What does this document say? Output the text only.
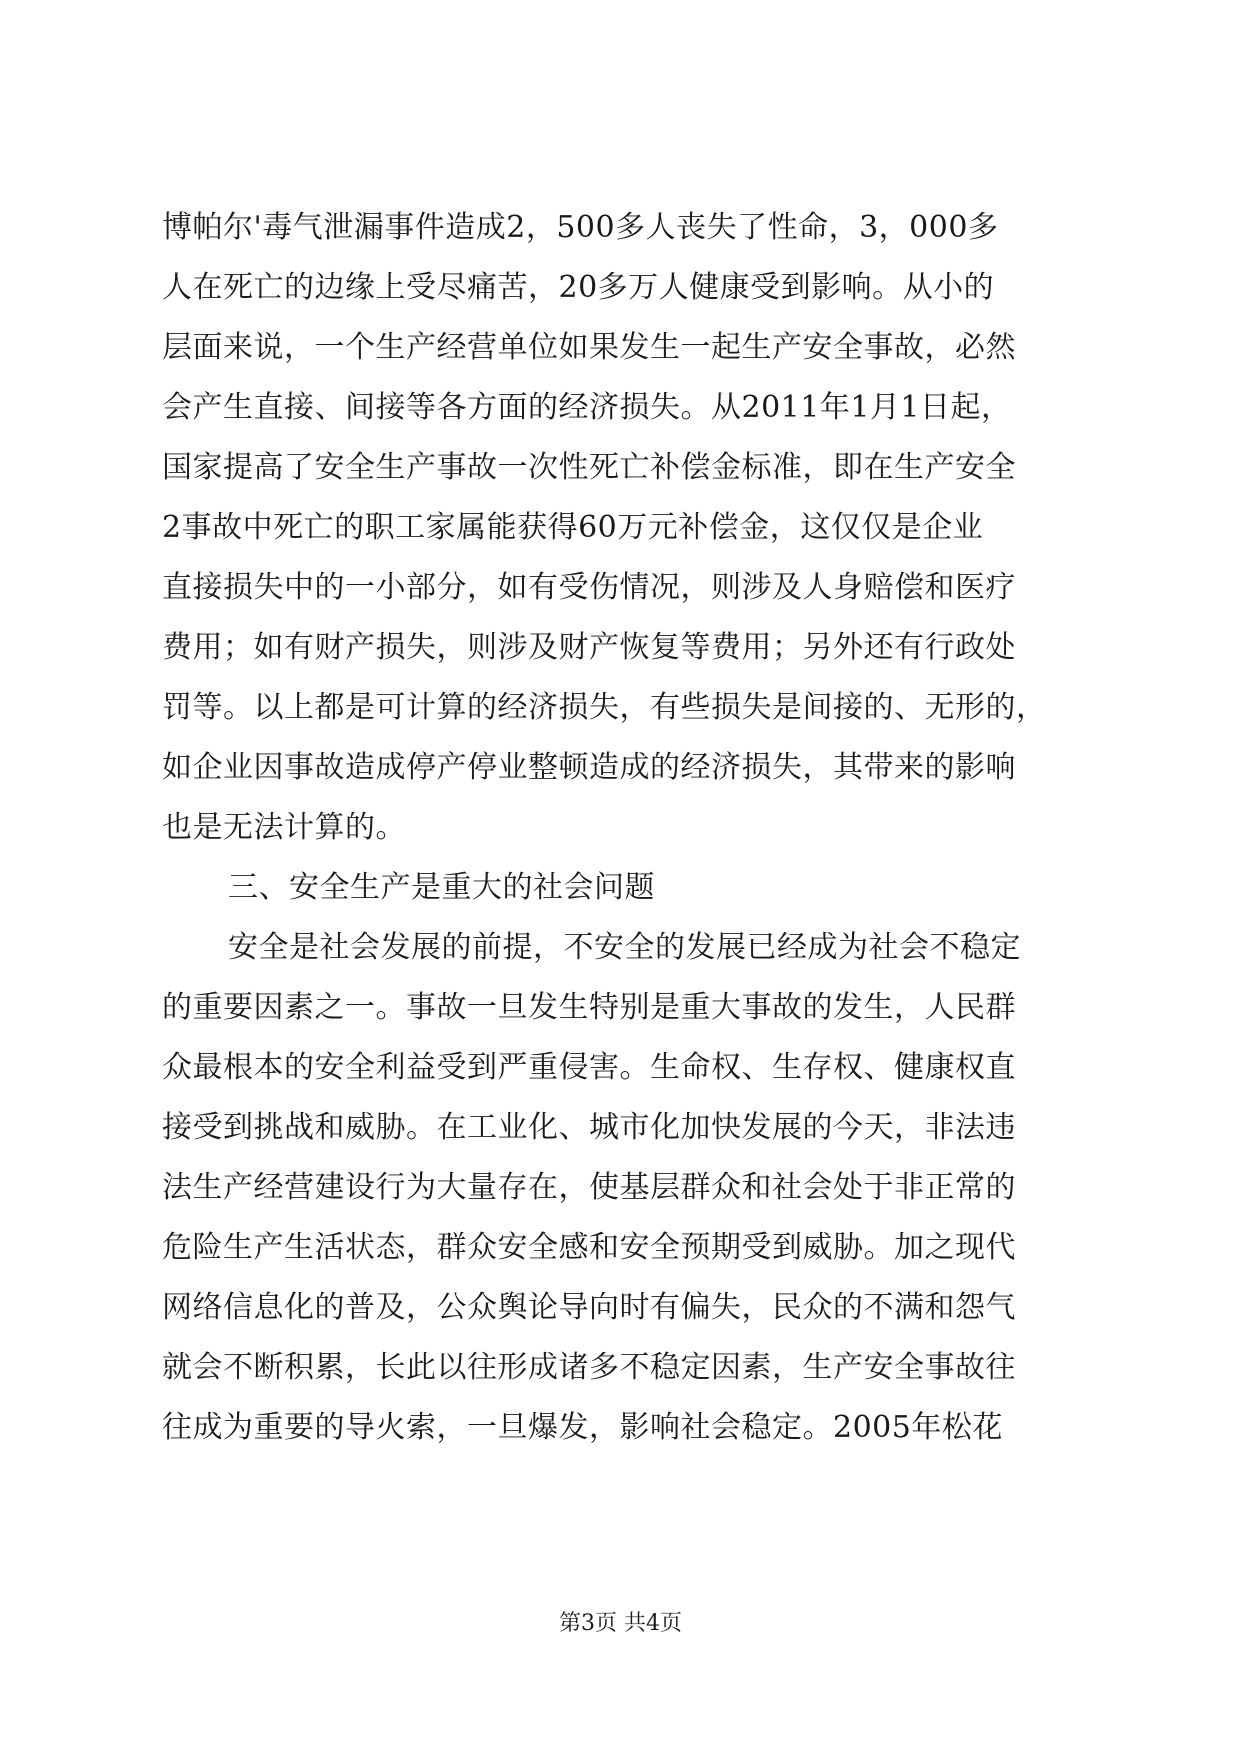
博帕尔'毒气泄漏事件造成2，500多人丧失了性命，3，000多
人在死亡的边缘上受尽痛苦，20多万人健康受到影响。从小的
层面来说，一个生产经营单位如果发生一起生产安全事故，必然
会产生直接、间接等各方面的经济损失。从2011年1月1日起，
国家提高了安全生产事故一次性死亡补偿金标准，即在生产安全
2事故中死亡的职工家属能获得60万元补偿金，这仅仅是企业
直接损失中的一小部分，如有受伤情况，则涉及人身赔偿和医疗
费用；如有财产损失，则涉及财产恢复等费用；另外还有行政处
罚等。以上都是可计算的经济损失，有些损失是间接的、无形的，
如企业因事故造成停产停业整顿造成的经济损失，其带来的影响
也是无法计算的。
三、安全生产是重大的社会问题
安全是社会发展的前提，不安全的发展已经成为社会不稳定
的重要因素之一。事故一旦发生特别是重大事故的发生，人民群
众最根本的安全利益受到严重侵害。生命权、生存权、健康权直
接受到挑战和威胁。在工业化、城市化加快发展的今天，非法违
法生产经营建设行为大量存在，使基层群众和社会处于非正常的
危险生产生活状态，群众安全感和安全预期受到威胁。加之现代
网络信息化的普及，公众舆论导向时有偏失，民众的不满和怨气
就会不断积累，长此以往形成诸多不稳定因素，生产安全事故往
往成为重要的导火索，一旦爆发，影响社会稳定。2005年松花
第3页 共4页
